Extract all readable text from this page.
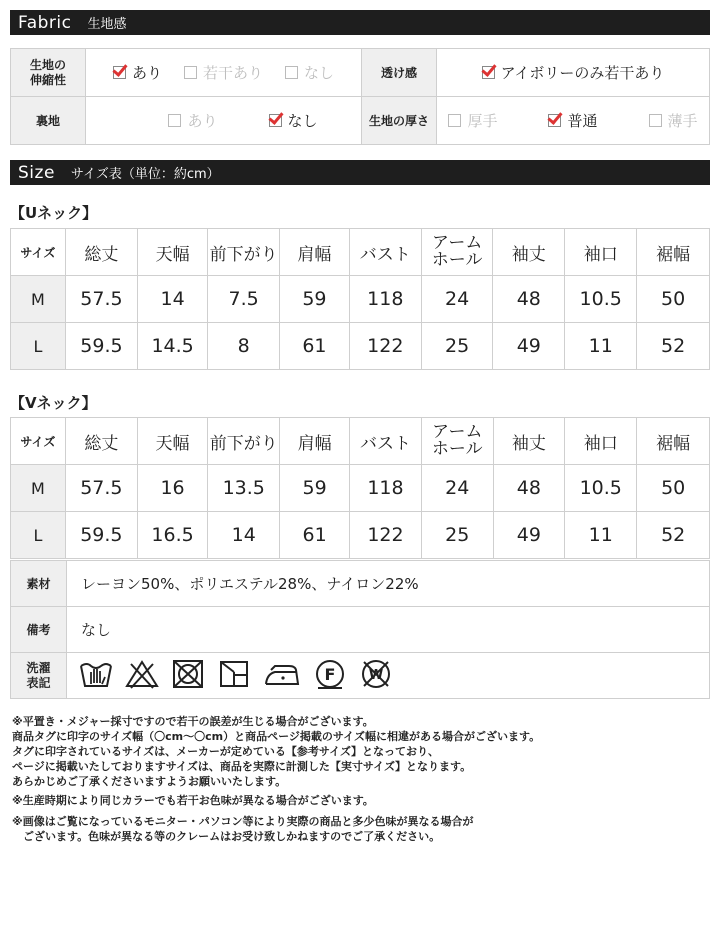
Fabric 生地感
生地の
伸縮性	あり 若干あり なし	透け感	アイボリーのみ若干あり

裏地	あり なし	生地の厚さ	厚手 普通 薄手
Size サイズ表（単位：約cm）
【Uネック】
サイズ	総丈	天幅	前下がり	肩幅	バスト	アーム
ホール	袖丈	袖口	裾幅
M	57.5	14	7.5	59	118	24	48	10.5	50
L	59.5	14.5	8	61	122	25	49	11	52
【Vネック】
サイズ	総丈	天幅	前下がり	肩幅	バスト	アーム
ホール	袖丈	袖口	裾幅
M	57.5	16	13.5	59	118	24	48	10.5	50
L	59.5	16.5	14	61	122	25	49	11	52
素材	レーヨン50%、ポリエステル28%、ナイロン22%
備考	なし
洗濯
表記	F W
※平置き・メジャー採寸ですので若干の誤差が生じる場合がございます。
商品タグに印字のサイズ幅（〇cm〜〇cm）と商品ページ掲載のサイズ幅に相違がある場合がございます。
タグに印字されているサイズは、メーカーが定めている【参考サイズ】となっており、
ページに掲載いたしておりますサイズは、商品を実際に計測した【実寸サイズ】となります。
あらかじめご了承くださいますようお願いいたします。
※生産時期により同じカラーでも若干お色味が異なる場合がございます。
※画像はご覧になっているモニター・パソコン等により実際の商品と多少色味が異なる場合が
　ございます。色味が異なる等のクレームはお受け致しかねますのでご了承ください。
